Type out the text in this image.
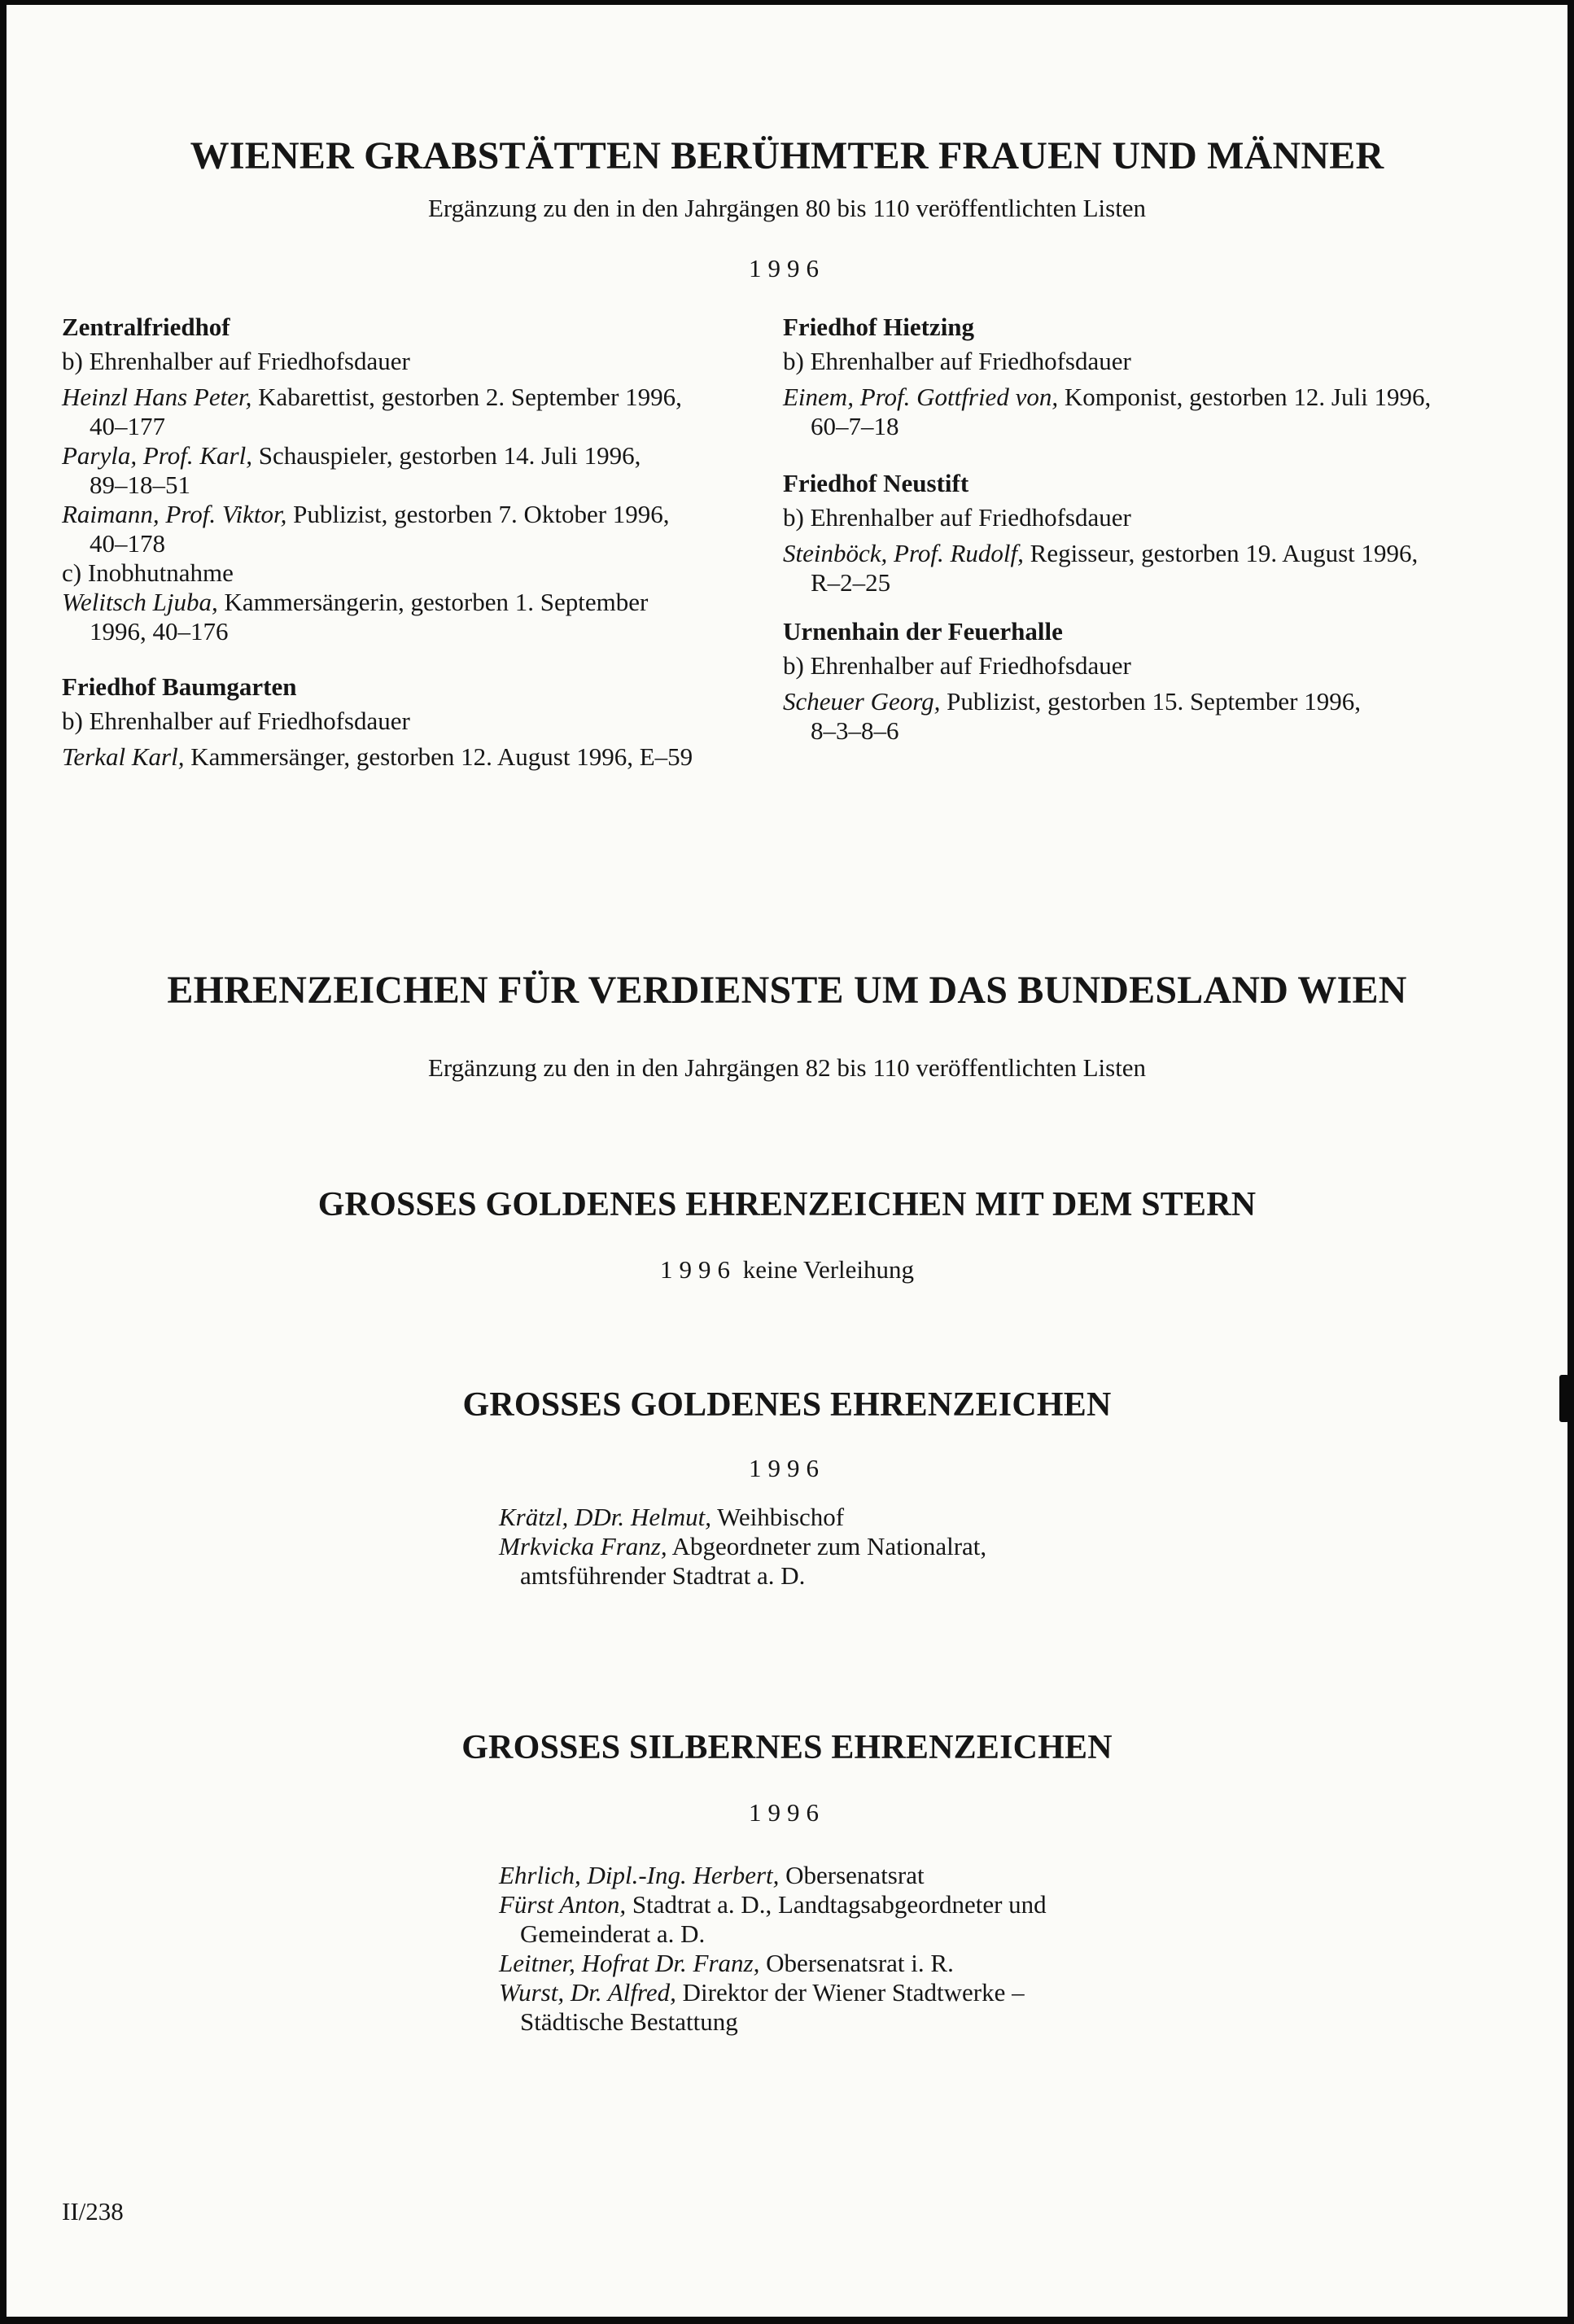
WIENER GRABSTÄTTEN BERÜHMTER FRAUEN UND MÄNNER
Ergänzung zu den in den Jahrgängen 80 bis 110 veröffentlichten Listen
1996
Zentralfriedhof
b) Ehrenhalber auf Friedhofsdauer
Heinzl Hans Peter, Kabarettist, gestorben 2. September 1996,
40–177
Paryla, Prof. Karl, Schauspieler, gestorben 14. Juli 1996,
89–18–51
Raimann, Prof. Viktor, Publizist, gestorben 7. Oktober 1996,
40–178
c) Inobhutnahme
Welitsch Ljuba, Kammersängerin, gestorben 1. September
1996, 40–176
Friedhof Baumgarten
b) Ehrenhalber auf Friedhofsdauer
Terkal Karl, Kammersänger, gestorben 12. August 1996, E–59
Friedhof Hietzing
b) Ehrenhalber auf Friedhofsdauer
Einem, Prof. Gottfried von, Komponist, gestorben 12. Juli 1996,
60–7–18
Friedhof Neustift
b) Ehrenhalber auf Friedhofsdauer
Steinböck, Prof. Rudolf, Regisseur, gestorben 19. August 1996,
R–2–25
Urnenhain der Feuerhalle
b) Ehrenhalber auf Friedhofsdauer
Scheuer Georg, Publizist, gestorben 15. September 1996,
8–3–8–6
EHRENZEICHEN FÜR VERDIENSTE UM DAS BUNDESLAND WIEN
Ergänzung zu den in den Jahrgängen 82 bis 110 veröffentlichten Listen
GROSSES GOLDENES EHRENZEICHEN MIT DEM STERN
1996 keine Verleihung
GROSSES GOLDENES EHRENZEICHEN
1996
Krätzl, DDr. Helmut, Weihbischof
Mrkvicka Franz, Abgeordneter zum Nationalrat,
amtsführender Stadtrat a. D.
GROSSES SILBERNES EHRENZEICHEN
1996
Ehrlich, Dipl.-Ing. Herbert, Obersenatsrat
Fürst Anton, Stadtrat a. D., Landtagsabgeordneter und
Gemeinderat a. D.
Leitner, Hofrat Dr. Franz, Obersenatsrat i. R.
Wurst, Dr. Alfred, Direktor der Wiener Stadtwerke –
Städtische Bestattung
II/238
